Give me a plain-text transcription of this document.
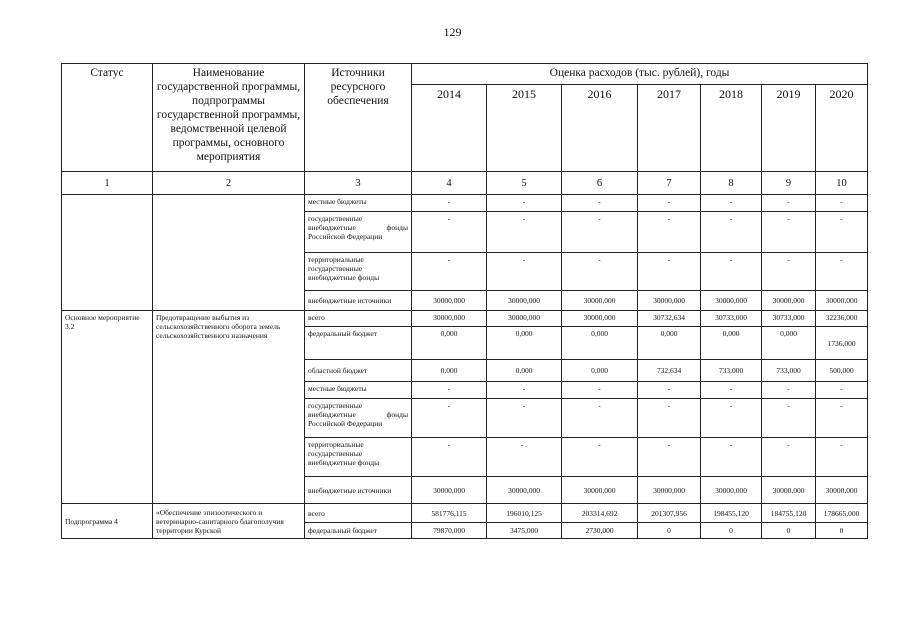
129
Статус	Наименование государственной программы, подпрограммы государственной программы, ведомственной целевой программы, основного мероприятия	Источники ресурсного обеспечения	Оценка расходов (тыс. рублей), годы						
			2014	2015	2016	2017	2018	2019	2020
1	2	3	4	5	6	7	8	9	10
		местные бюджеты	-	-	-	-	-	-	-
		государственные внебюджетные фонды Российской Федерации	-	-	-	-	-	-	-
		территориальные государственные внебюджетные фонды	-	-	-	-	-	-	-
		внебюджетные источники	30000,000	30000,000	30000,000	30000,000	30000,000	30000,000	30000,000
Основное мероприятие 3.2	Предотвращение выбытия из сельскохозяйственного оборота земель сельскохозяйственного назначения	всего	30000,000	30000,000	30000,000	30732,634	30733,000	30733,000	32236,000
		федеральный бюджет	0,000	0,000	0,000	0,000	0,000	0,000	1736,000
		областной бюджет	0,000	0,000	0,000	732,634	733,000	733,000	500,000
		местные бюджеты	-	-	-	-	-	-	-
		государственные внебюджетные фонды Российской Федерации	-	-	-	-	-	-	-
		территориальные государственные внебюджетные фонды	-	- .	-	-	-	-	-
		внебюджетные источники	30000,000	30000,000	30000,000	30000,000	30000,000	30000,000	30000,000
Подпрограмма 4	«Обеспечение эпизоотического и ветеринарно-санитарного благополучия территории Курской	всего	581776,115	196010,125	203314,692	201307,956	198455,120	184755,120	178665,000
		федеральный бюджет	79870,000	3475,000	2730,000	0	0	0	0
